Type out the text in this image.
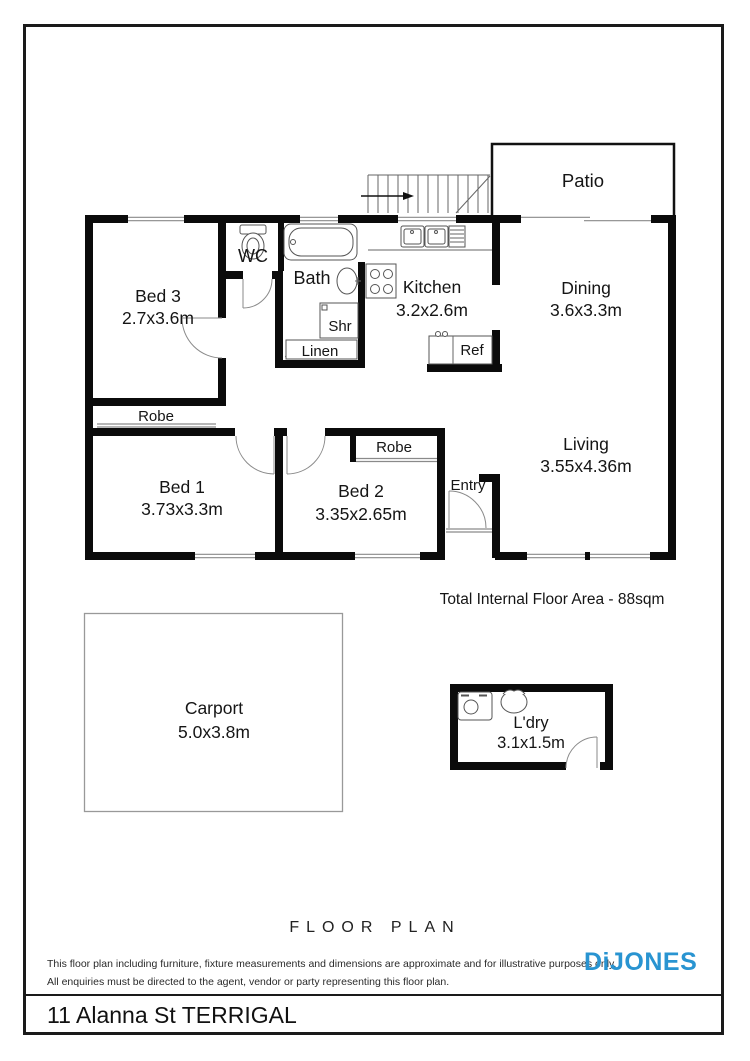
Patio
Bed 3
2.7x3.6m
WC
Bath
Shr
Linen
Kitchen
3.2x2.6m
Ref
Dining
3.6x3.3m
Living
3.55x4.36m
Robe
Robe
Bed 1
3.73x3.3m
Bed 2
3.35x2.65m
Entry
Carport
5.0x3.8m	L'dry
3.1x1.5m
Total Internal Floor Area - 88sqm
FLOOR PLAN
This floor plan including furniture, fixture measurements and dimensions are approximate and for illustrative purposes only.
All enquiries must be directed to the agent, vendor or party representing this floor plan.
DiJONES
11 Alanna St TERRIGAL
